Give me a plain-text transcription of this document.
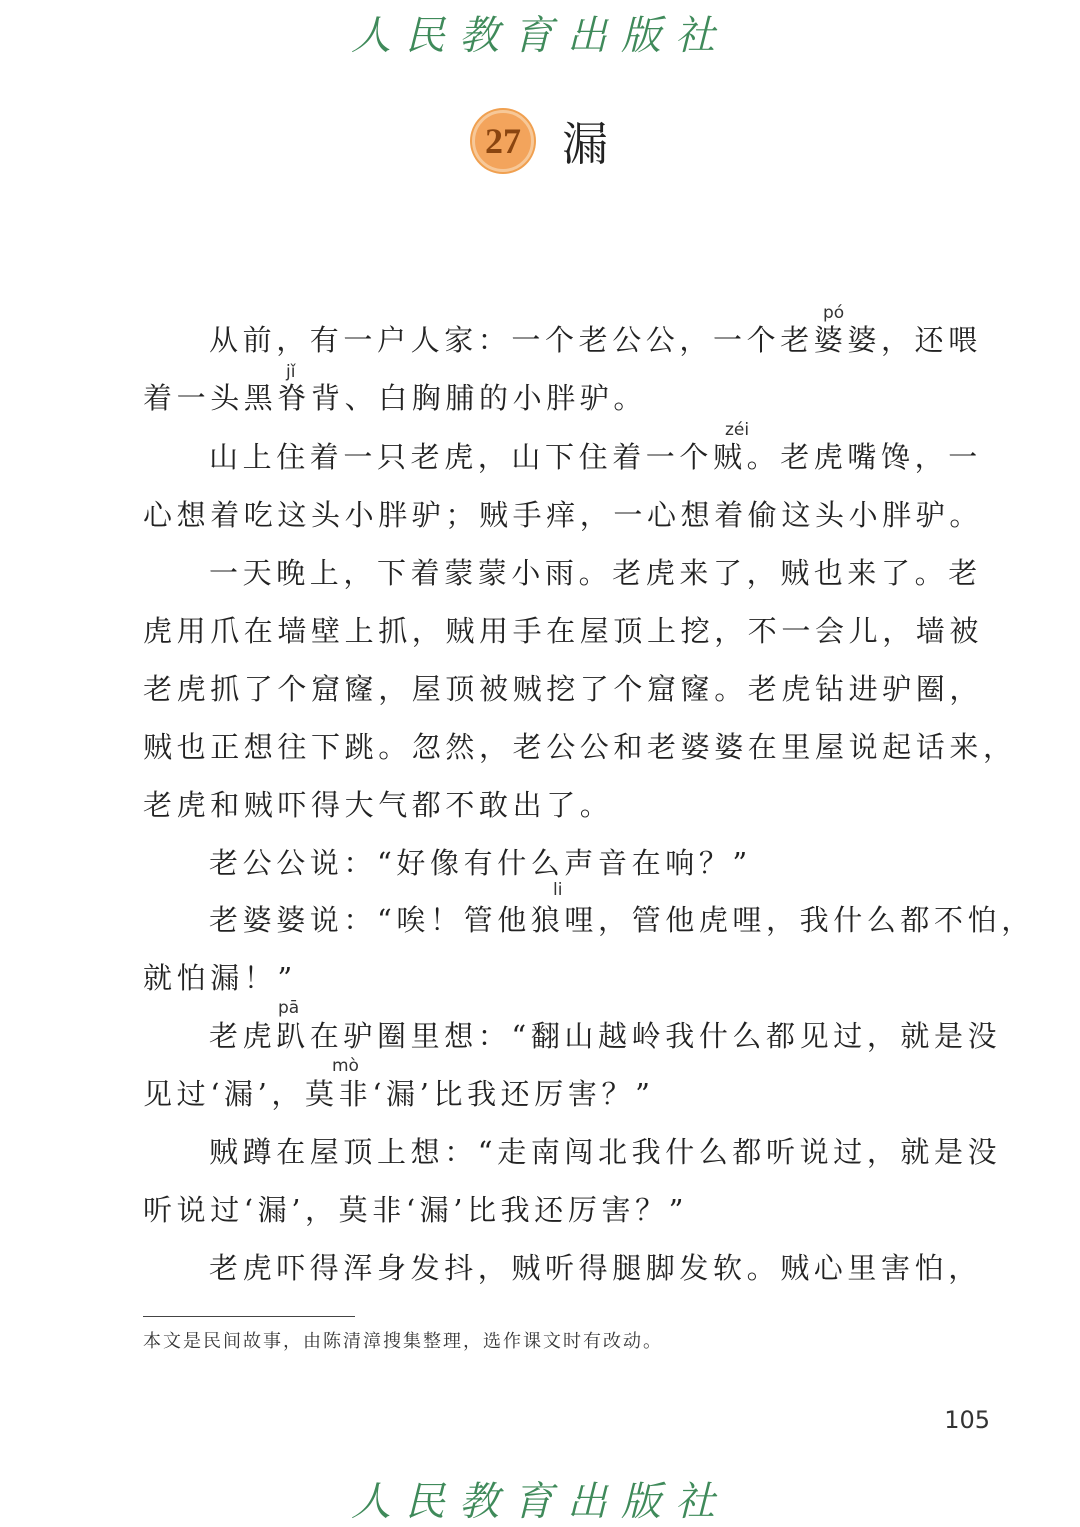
人民教育出版社
27 漏
pó
从前，有一户人家：一个老公公，一个老婆婆，还喂
jǐ
着一头黑脊背、白胸脯的小胖驴。
zéi
山上住着一只老虎，山下住着一个贼。老虎嘴馋，一
心想着吃这头小胖驴；贼手痒，一心想着偷这头小胖驴。
一天晚上，下着蒙蒙小雨。老虎来了，贼也来了。老
虎用爪在墙壁上抓，贼用手在屋顶上挖，不一会儿，墙被
老虎抓了个窟窿，屋顶被贼挖了个窟窿。老虎钻进驴圈，
贼也正想往下跳。忽然，老公公和老婆婆在里屋说起话来，
老虎和贼吓得大气都不敢出了。
老公公说：“好像有什么声音在响？”
li
老婆婆说：“唉！管他狼哩，管他虎哩，我什么都不怕，
就怕漏！”
pā
老虎趴在驴圈里想：“翻山越岭我什么都见过，就是没
mò
见过‘漏’，莫非‘漏’比我还厉害？”
贼蹲在屋顶上想：“走南闯北我什么都听说过，就是没
听说过‘漏’，莫非‘漏’比我还厉害？”
老虎吓得浑身发抖，贼听得腿脚发软。贼心里害怕，
本文是民间故事，由陈清漳搜集整理，选作课文时有改动。
105
人民教育出版社
